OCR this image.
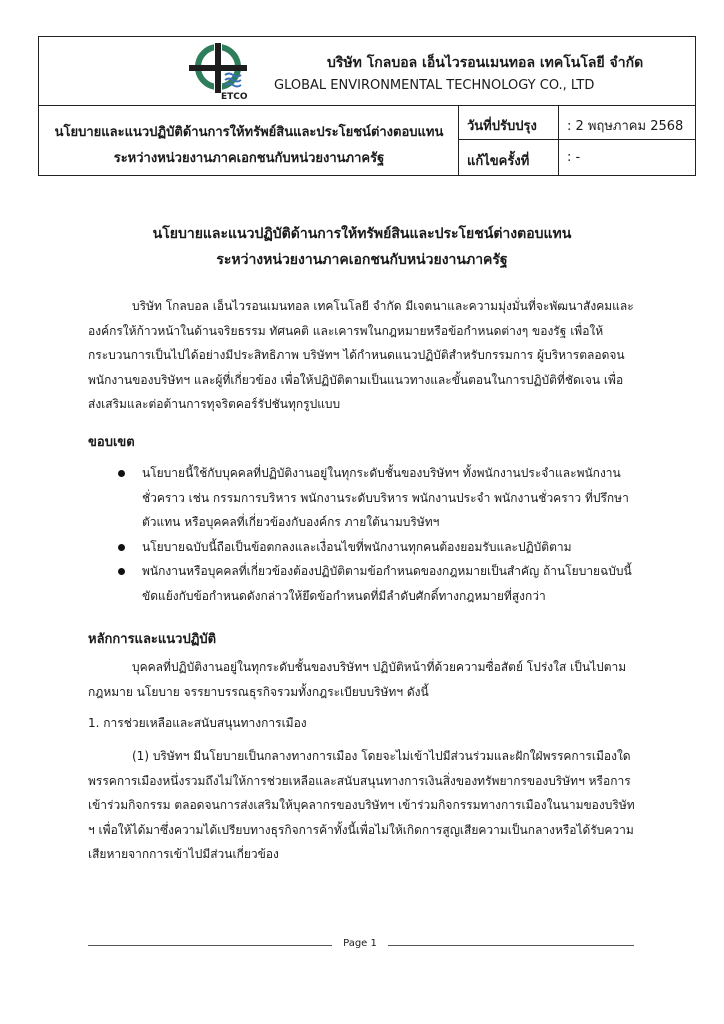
ETCO
บริษัท โกลบอล เอ็นไวรอนเมนทอล เทคโนโลยี จำกัด
GLOBAL ENVIRONMENTAL TECHNOLOGY CO., LTD
นโยบายและแนวปฏิบัติด้านการให้ทรัพย์สินและประโยชน์ต่างตอบแทน
ระหว่างหน่วยงานภาคเอกชนกับหน่วยงานภาครัฐ
วันที่ปรับปรุง : 2 พฤษภาคม 2568
แก้ไขครั้งที่	: -
นโยบายและแนวปฏิบัติด้านการให้ทรัพย์สินและประโยชน์ต่างตอบแทน
ระหว่างหน่วยงานภาคเอกชนกับหน่วยงานภาครัฐ
บริษัท โกลบอล เอ็นไวรอนเมนทอล เทคโนโลยี จำกัด มีเจตนาและความมุ่งมั่นที่จะพัฒนาสังคมและ
องค์กรให้ก้าวหน้าในด้านจริยธรรม ทัศนคติ และเคารพในกฎหมายหรือข้อกำหนดต่างๆ ของรัฐ เพื่อให้
กระบวนการเป็นไปได้อย่างมีประสิทธิภาพ บริษัทฯ ได้กำหนดแนวปฏิบัติสำหรับกรรมการ ผู้บริหารตลอดจน
พนักงานของบริษัทฯ และผู้ที่เกี่ยวข้อง เพื่อให้ปฏิบัติตามเป็นแนวทางและขั้นตอนในการปฏิบัติที่ชัดเจน เพื่อ
ส่งเสริมและต่อต้านการทุจริตคอร์รัปชันทุกรูปแบบ
ขอบเขต
นโยบายนี้ใช้กับบุคคลที่ปฏิบัติงานอยู่ในทุกระดับชั้นของบริษัทฯ ทั้งพนักงานประจำและพนักงาน
ชั่วคราว เช่น กรรมการบริหาร พนักงานระดับบริหาร พนักงานประจำ พนักงานชั่วคราว ที่ปรึกษา
ตัวแทน หรือบุคคลที่เกี่ยวข้องกับองค์กร ภายใต้นามบริษัทฯ
นโยบายฉบับนี้ถือเป็นข้อตกลงและเงื่อนไขที่พนักงานทุกคนต้องยอมรับและปฏิบัติตาม
พนักงานหรือบุคคลที่เกี่ยวข้องต้องปฏิบัติตามข้อกำหนดของกฎหมายเป็นสำคัญ ถ้านโยบายฉบับนี้
ขัดแย้งกับข้อกำหนดดังกล่าวให้ยึดข้อกำหนดที่มีลำดับศักดิ์ทางกฎหมายที่สูงกว่า
หลักการและแนวปฏิบัติ
บุคคลที่ปฏิบัติงานอยู่ในทุกระดับชั้นของบริษัทฯ ปฏิบัติหน้าที่ด้วยความซื่อสัตย์ โปร่งใส เป็นไปตาม
กฎหมาย นโยบาย จรรยาบรรณธุรกิจรวมทั้งกฎระเบียบบริษัทฯ ดังนี้
1. การช่วยเหลือและสนับสนุนทางการเมือง
(1) บริษัทฯ มีนโยบายเป็นกลางทางการเมือง โดยจะไม่เข้าไปมีส่วนร่วมและฝักใฝ่พรรคการเมืองใด
พรรคการเมืองหนึ่งรวมถึงไม่ให้การช่วยเหลือและสนับสนุนทางการเงินสิ่งของทรัพยากรของบริษัทฯ หรือการ
เข้าร่วมกิจกรรม ตลอดจนการส่งเสริมให้บุคลากรของบริษัทฯ เข้าร่วมกิจกรรมทางการเมืองในนามของบริษัท
ฯ เพื่อให้ได้มาซึ่งความได้เปรียบทางธุรกิจการค้าทั้งนี้เพื่อไม่ให้เกิดการสูญเสียความเป็นกลางหรือได้รับความ
เสียหายจากการเข้าไปมีส่วนเกี่ยวข้อง
Page 1
